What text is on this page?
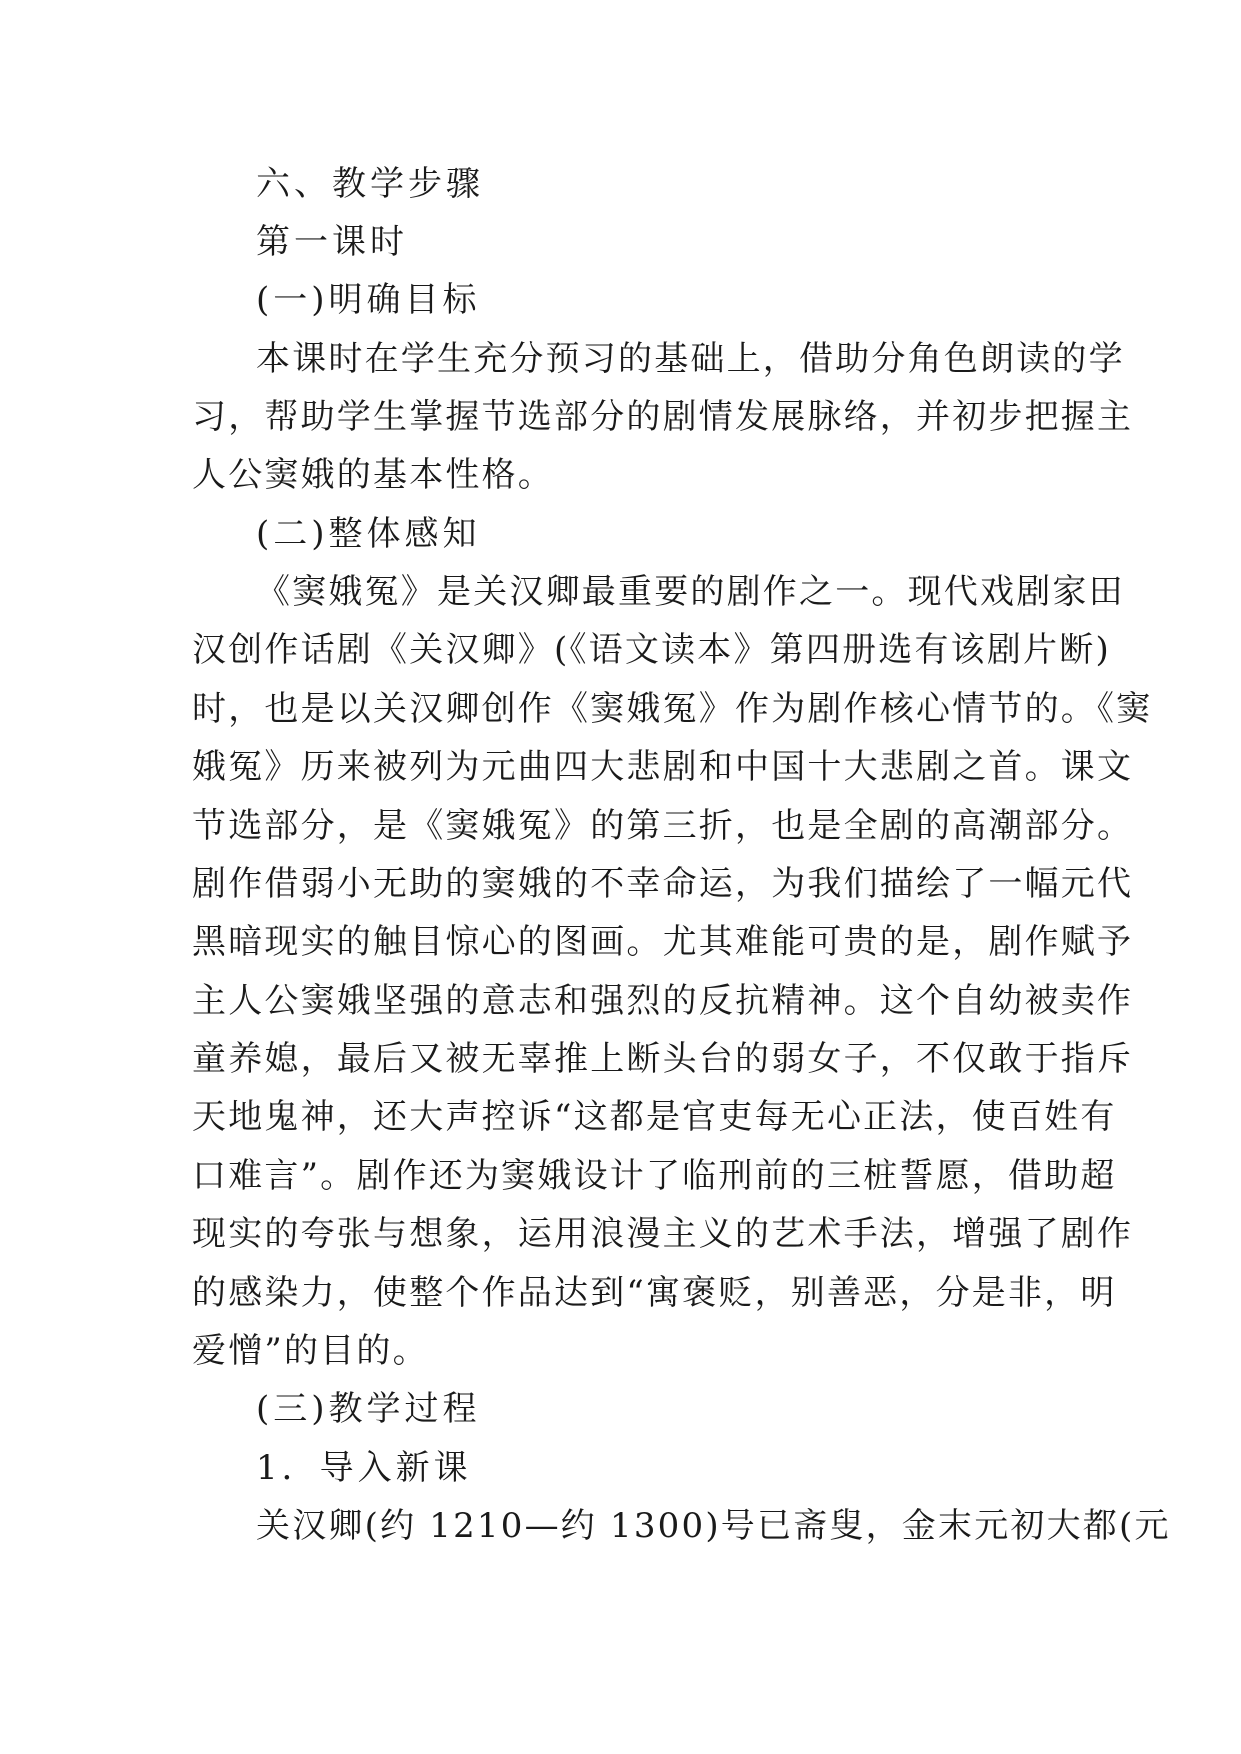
六、教学步骤

第一课时

(一)明确目标

本课时在学生充分预习的基础上，借助分角色朗读的学

习，帮助学生掌握节选部分的剧情发展脉络，并初步把握主

人公窦娥的基本性格。

(二)整体感知

《窦娥冤》是关汉卿最重要的剧作之一。现代戏剧家田

汉创作话剧《关汉卿》(《语文读本》第四册选有该剧片断)

时，也是以关汉卿创作《窦娥冤》作为剧作核心情节的。《窦

娥冤》历来被列为元曲四大悲剧和中国十大悲剧之首。课文

节选部分，是《窦娥冤》的第三折，也是全剧的高潮部分。

剧作借弱小无助的窦娥的不幸命运，为我们描绘了一幅元代

黑暗现实的触目惊心的图画。尤其难能可贵的是，剧作赋予

主人公窦娥坚强的意志和强烈的反抗精神。这个自幼被卖作

童养媳，最后又被无辜推上断头台的弱女子，不仅敢于指斥

天地鬼神，还大声控诉“这都是官吏每无心正法，使百姓有

口难言”。剧作还为窦娥设计了临刑前的三桩誓愿，借助超

现实的夸张与想象，运用浪漫主义的艺术手法，增强了剧作

的感染力，使整个作品达到“寓褒贬，别善恶，分是非，明

爱憎”的目的。

(三)教学过程

1．导入新课

关汉卿(约 1210—约 1300)号已斋叟，金末元初大都(元
